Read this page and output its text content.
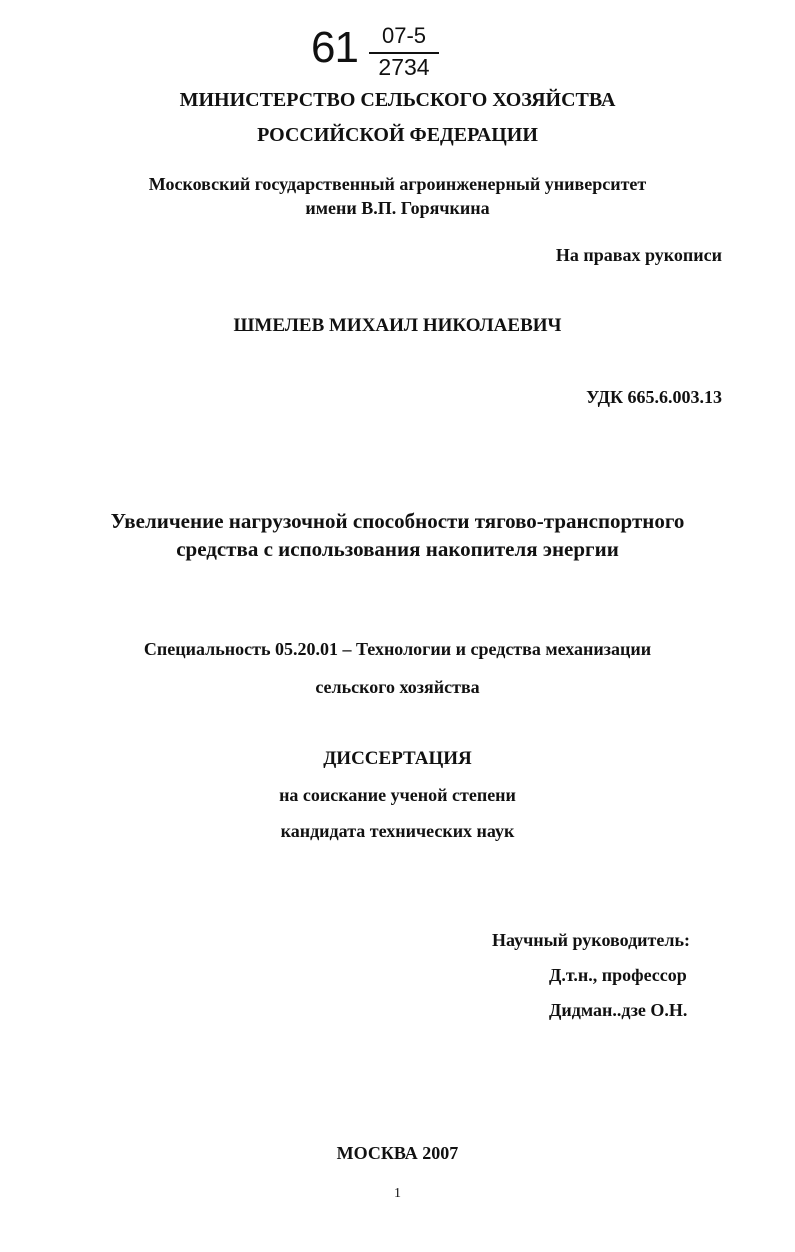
61	07-5
2734
МИНИСТЕРСТВО СЕЛЬСКОГО ХОЗЯЙСТВА
РОССИЙСКОЙ ФЕДЕРАЦИИ
Московский государственный агроинженерный университет
имени В.П. Горячкина
На правах рукописи
ШМЕЛЕВ МИХАИЛ НИКОЛАЕВИЧ
УДК 665.6.003.13
Увеличение нагрузочной способности тягово-транспортного
средства с использования накопителя энергии
Специальность 05.20.01 – Технологии и средства механизации
сельского хозяйства
ДИССЕРТАЦИЯ
на соискание ученой степени
кандидата технических наук
Научный руководитель:
Д.т.н., профессор
Дидман..дзе О.Н.
МОСКВА 2007
1
